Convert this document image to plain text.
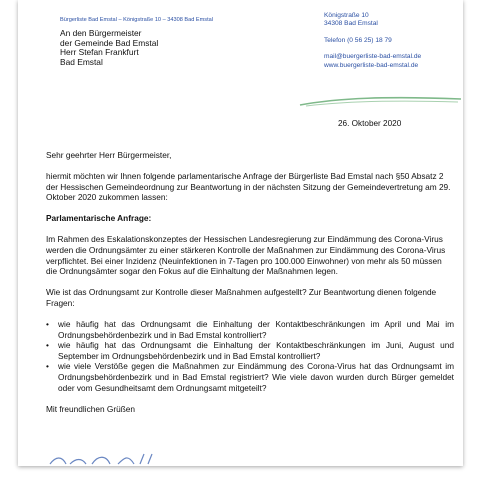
Bürgerliste Bad Emstal – Königstraße 10 – 34308 Bad Emstal
An den Bürgermeister
der Gemeinde Bad Emstal
Herr Stefan Frankfurt
Bad Emstal
Königstraße 10
34308 Bad Emstal
Telefon (0 56 25) 18 79
mail@buergerliste-bad-emstal.de
www.buergerliste-bad-emstal.de
26. Oktober 2020

Sehr geehrter Herr Bürgermeister,

hiermit möchten wir Ihnen folgende parlamentarische Anfrage der Bürgerliste Bad Emstal nach §50 Absatz 2 der Hessischen Gemeindeordnung zur Beantwortung in der nächsten Sitzung der Gemeindevertretung am 29. Oktober 2020 zukommen lassen:

Parlamentarische Anfrage:

Im Rahmen des Eskalationskonzeptes der Hessischen Landesregierung zur Eindämmung des Corona-Virus werden die Ordnungsämter zu einer stärkeren Kontrolle der Maßnahmen zur Eindämmung des Corona-Virus verpflichtet. Bei einer Inzidenz (Neuinfektionen in 7-Tagen pro 100.000 Einwohner) von mehr als 50 müssen die Ordnungsämter sogar den Fokus auf die Einhaltung der Maßnahmen legen.

Wie ist das Ordnungsamt zur Kontrolle dieser Maßnahmen aufgestellt? Zur Beantwortung dienen folgende Fragen:

• wie häufig hat das Ordnungsamt die Einhaltung der Kontaktbeschränkungen im April und Mai im Ordnungsbehördenbezirk und in Bad Emstal kontrolliert?
• wie häufig hat das Ordnungsamt die Einhaltung der Kontaktbeschränkungen im Juni, August und September im Ordnungsbehördenbezirk und in Bad Emstal kontrolliert?
• wie viele Verstöße gegen die Maßnahmen zur Eindämmung des Corona-Virus hat das Ordnungsamt im Ordnungsbehördenbezirk und in Bad Emstal registriert? Wie viele davon wurden durch Bürger gemeldet oder vom Gesundheitsamt dem Ordnungsamt mitgeteilt?

Mit freundlichen Grüßen
